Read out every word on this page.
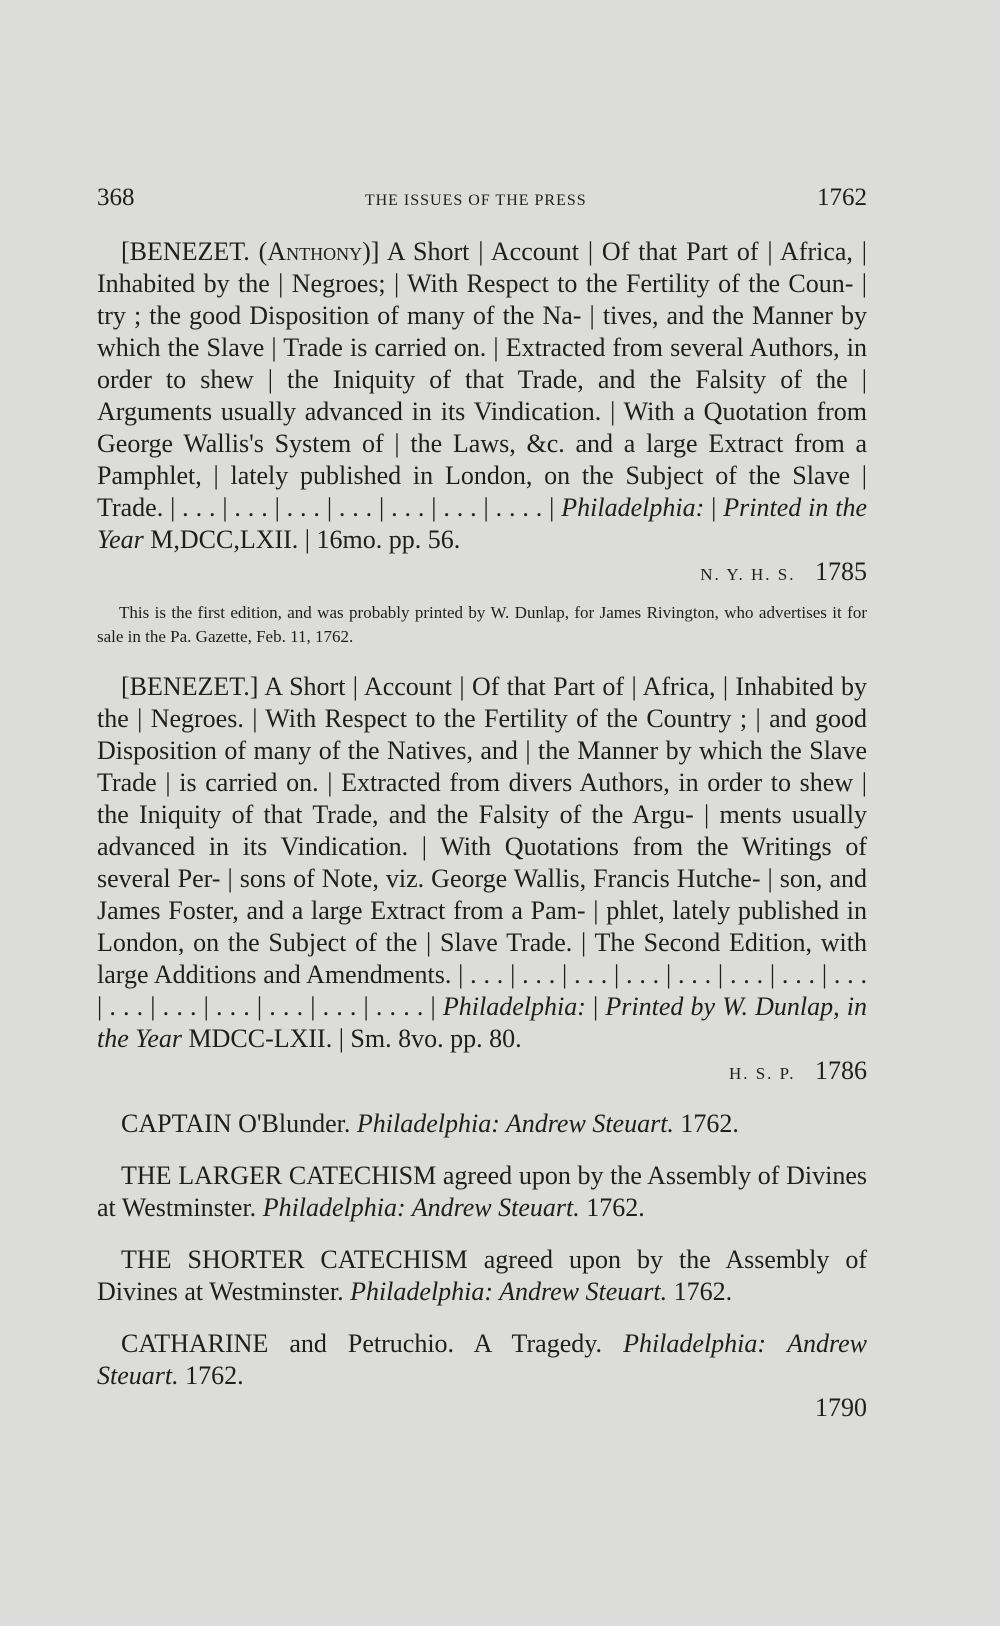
368	THE ISSUES OF THE PRESS	1762

[BENEZET. (Anthony)] A Short | Account | Of that Part of | Africa, | Inhabited by the | Negroes; | With Respect to the Fertility of the Coun- | try ; the good Disposition of many of the Na- | tives, and the Manner by which the Slave | Trade is carried on. | Extracted from several Authors, in order to shew | the Iniquity of that Trade, and the Falsity of the | Arguments usually advanced in its Vindication. | With a Quotation from George Wallis's System of | the Laws, &c. and a large Extract from a Pamphlet, | lately published in London, on the Subject of the Slave | Trade. | . . . | . . . | . . . | . . . | . . . | . . . | . . . . | Philadelphia: | Printed in the Year M,DCC,LXII. | 16mo. pp. 56.

N. Y. H. S. 1785
This is the first edition, and was probably printed by W. Dunlap, for James Rivington, who advertises it for sale in the Pa. Gazette, Feb. 11, 1762.

[BENEZET.] A Short | Account | Of that Part of | Africa, | Inhabited by the | Negroes. | With Respect to the Fertility of the Country ; | and good Disposition of many of the Natives, and | the Manner by which the Slave Trade | is carried on. | Extracted from divers Authors, in order to shew | the Iniquity of that Trade, and the Falsity of the Argu- | ments usually advanced in its Vindication. | With Quotations from the Writings of several Per- | sons of Note, viz. George Wallis, Francis Hutche- | son, and James Foster, and a large Extract from a Pam- | phlet, lately published in London, on the Subject of the | Slave Trade. | The Second Edition, with large Additions and Amendments. | . . . | . . . | . . . | . . . | . . . | . . . | . . . | . . . | . . . | . . . | . . . | . . . | . . . | . . . . | Philadelphia: | Printed by W. Dunlap, in the Year MDCC-LXII. | Sm. 8vo. pp. 80.

H. S. P. 1786

CAPTAIN O'Blunder. Philadelphia: Andrew Steuart. 1762.

THE LARGER CATECHISM agreed upon by the Assembly of Divines at Westminster. Philadelphia: Andrew Steuart. 1762.

THE SHORTER CATECHISM agreed upon by the Assembly of Divines at Westminster. Philadelphia: Andrew Steuart. 1762.

CATHARINE and Petruchio. A Tragedy. Philadelphia: Andrew Steuart. 1762.

1790
